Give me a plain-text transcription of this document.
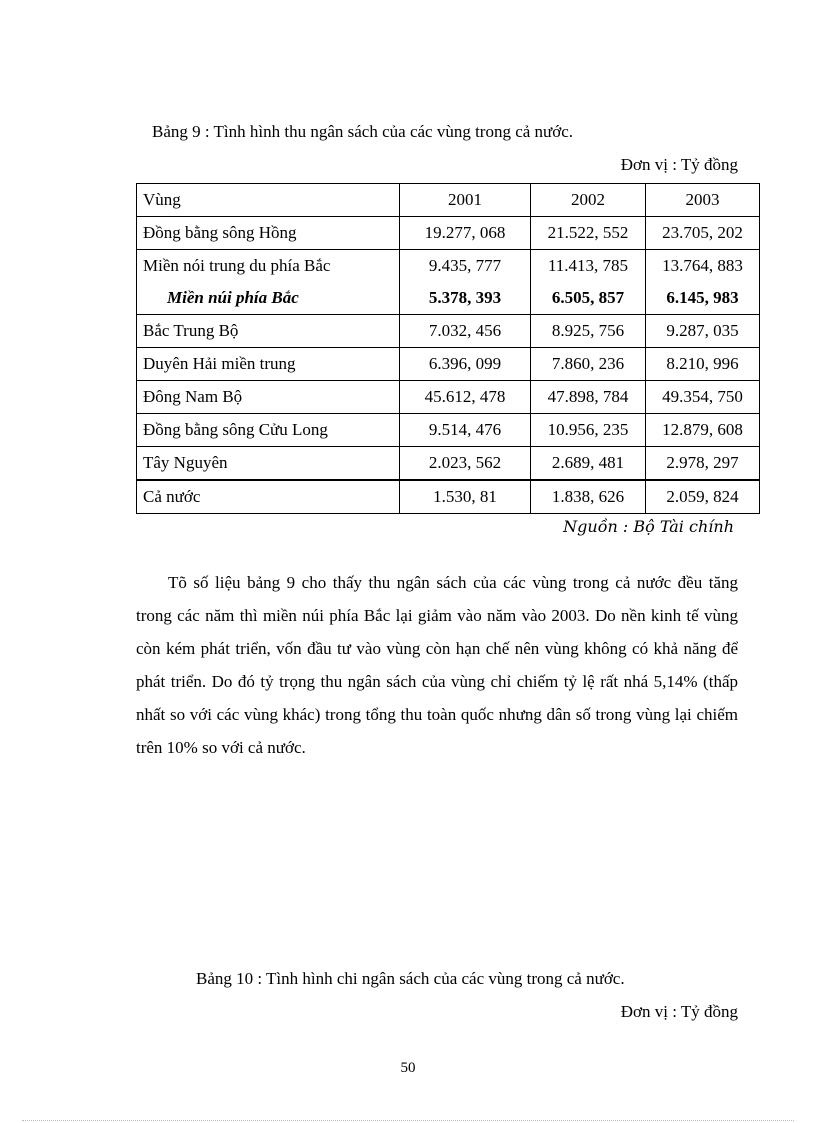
Bảng 9 : Tình hình thu ngân sách của các vùng trong cả nước.
Đơn vị : Tỷ đồng
Vùng	2001	2002	2003
Đồng bằng sông Hồng	19.277, 068	21.522, 552	23.705, 202
Miền nói trung du phía Bắc	9.435, 777	11.413, 785	13.764, 883
Miền núi phía Bắc	5.378, 393	6.505, 857	6.145, 983
Bắc Trung Bộ	7.032, 456	8.925, 756	9.287, 035
Duyên Hải miền trung	6.396, 099	7.860, 236	8.210, 996
Đông Nam Bộ	45.612, 478	47.898, 784	49.354, 750
Đồng bằng sông Cửu Long	9.514, 476	10.956, 235	12.879, 608
Tây Nguyên	2.023, 562	2.689, 481	2.978, 297
Cả nước	1.530, 81	1.838, 626	2.059, 824
Nguồn : Bộ Tài chính

Tõ số liệu bảng 9 cho thấy thu ngân sách của các vùng trong cả nước đều tăng trong các năm thì miền núi phía Bắc lại giảm vào năm vào 2003. Do nền kinh tế vùng còn kém phát triển, vốn đầu tư vào vùng còn hạn chế nên vùng không có khả năng để phát triển. Do đó tỷ trọng thu ngân sách của vùng chỉ chiếm tỷ lệ rất nhá 5,14% (thấp nhất so với các vùng khác) trong tổng thu toàn quốc nhưng dân số trong vùng lại chiếm trên 10% so với cả nước.

Bảng 10 : Tình hình chi ngân sách của các vùng trong cả nước.
Đơn vị : Tỷ đồng
50
